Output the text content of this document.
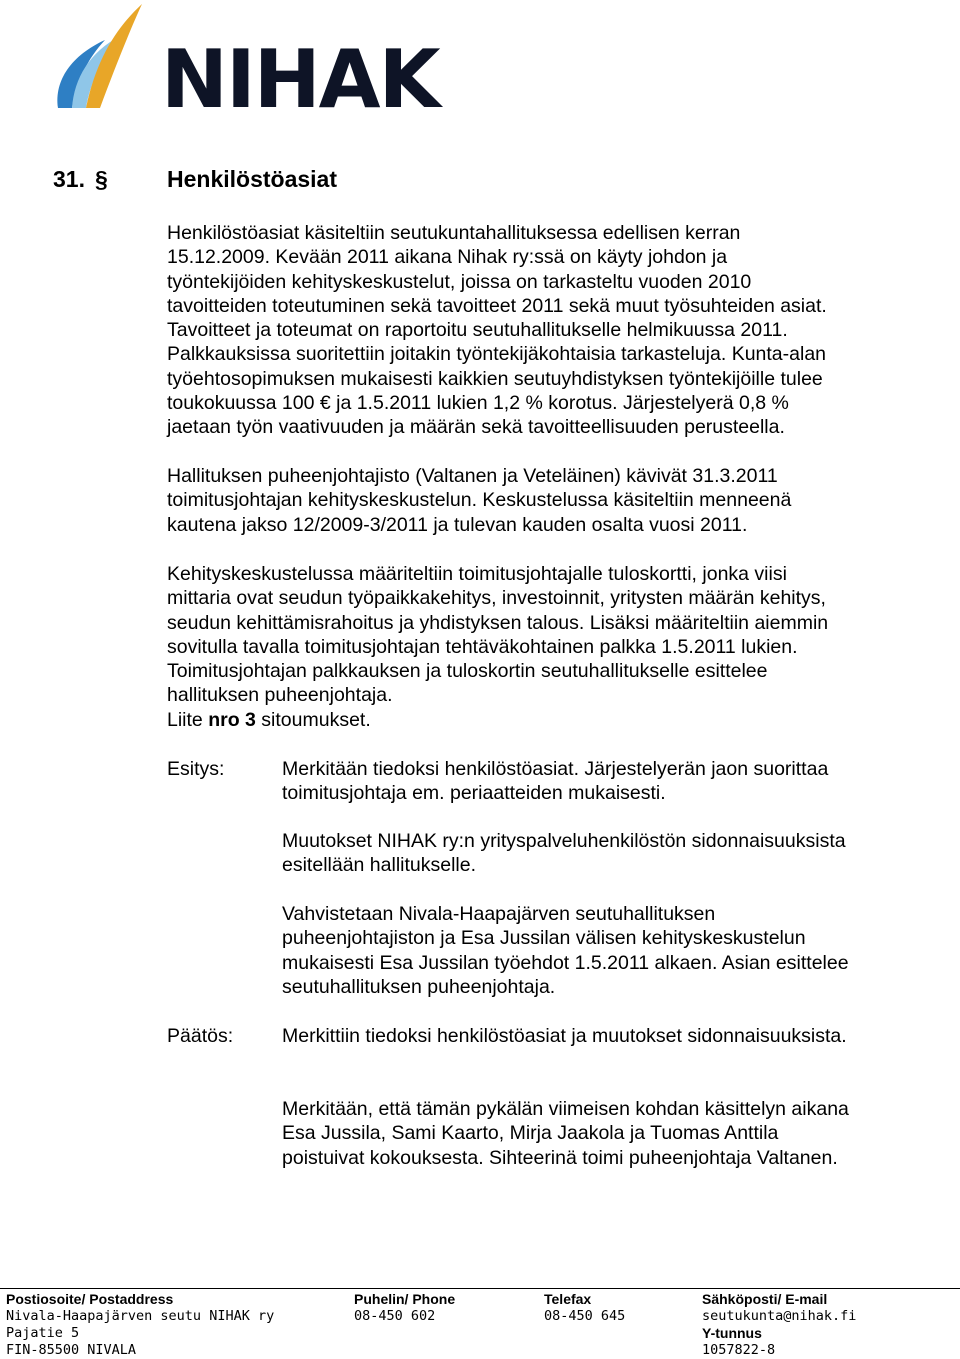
NIHAK
31. §	Henkilöstöasiat
Henkilöstöasiat käsiteltiin seutukuntahallituksessa edellisen kerran
15.12.2009. Kevään 2011 aikana Nihak ry:ssä on käyty johdon ja
työntekijöiden kehityskeskustelut, joissa on tarkasteltu vuoden 2010
tavoitteiden toteutuminen sekä tavoitteet 2011 sekä muut työsuhteiden asiat.
Tavoitteet ja toteumat on raportoitu seutuhallitukselle helmikuussa 2011.
Palkkauksissa suoritettiin joitakin työntekijäkohtaisia tarkasteluja. Kunta-alan
työehtosopimuksen mukaisesti kaikkien seutuyhdistyksen työntekijöille tulee
toukokuussa 100 € ja 1.5.2011 lukien 1,2 % korotus. Järjestelyerä 0,8 %
jaetaan työn vaativuuden ja määrän sekä tavoitteellisuuden perusteella.
Hallituksen puheenjohtajisto (Valtanen ja Veteläinen) kävivät 31.3.2011
toimitusjohtajan kehityskeskustelun. Keskustelussa käsiteltiin menneenä
kautena jakso 12/2009-3/2011 ja tulevan kauden osalta vuosi 2011.
Kehityskeskustelussa määriteltiin toimitusjohtajalle tuloskortti, jonka viisi
mittaria ovat seudun työpaikkakehitys, investoinnit, yritysten määrän kehitys,
seudun kehittämisrahoitus ja yhdistyksen talous. Lisäksi määriteltiin aiemmin
sovitulla tavalla toimitusjohtajan tehtäväkohtainen palkka 1.5.2011 lukien.
Toimitusjohtajan palkkauksen ja tuloskortin seutuhallitukselle esittelee
hallituksen puheenjohtaja.
Liite nro 3 sitoumukset.
Esitys:	Merkitään tiedoksi henkilöstöasiat. Järjestelyerän jaon suorittaa
toimitusjohtaja em. periaatteiden mukaisesti.
Muutokset NIHAK ry:n yrityspalveluhenkilöstön sidonnaisuuksista
esitellään hallitukselle.
Vahvistetaan Nivala-Haapajärven seutuhallituksen
puheenjohtajiston ja Esa Jussilan välisen kehityskeskustelun
mukaisesti Esa Jussilan työehdot 1.5.2011 alkaen. Asian esittelee
seutuhallituksen puheenjohtaja.
Päätös:	Merkittiin tiedoksi henkilöstöasiat ja muutokset sidonnaisuuksista.
Merkitään, että tämän pykälän viimeisen kohdan käsittelyn aikana
Esa Jussila, Sami Kaarto, Mirja Jaakola ja Tuomas Anttila
poistuivat kokouksesta. Sihteerinä toimi puheenjohtaja Valtanen.
Postiosoite/ Postaddress
Nivala-Haapajärven seutu NIHAK ry
Pajatie 5
FIN-85500 NIVALA
Puhelin/ Phone
08-450 602
Telefax
08-450 645
Sähköposti/ E-mail
seutukunta@nihak.fi
Y-tunnus
1057822-8
